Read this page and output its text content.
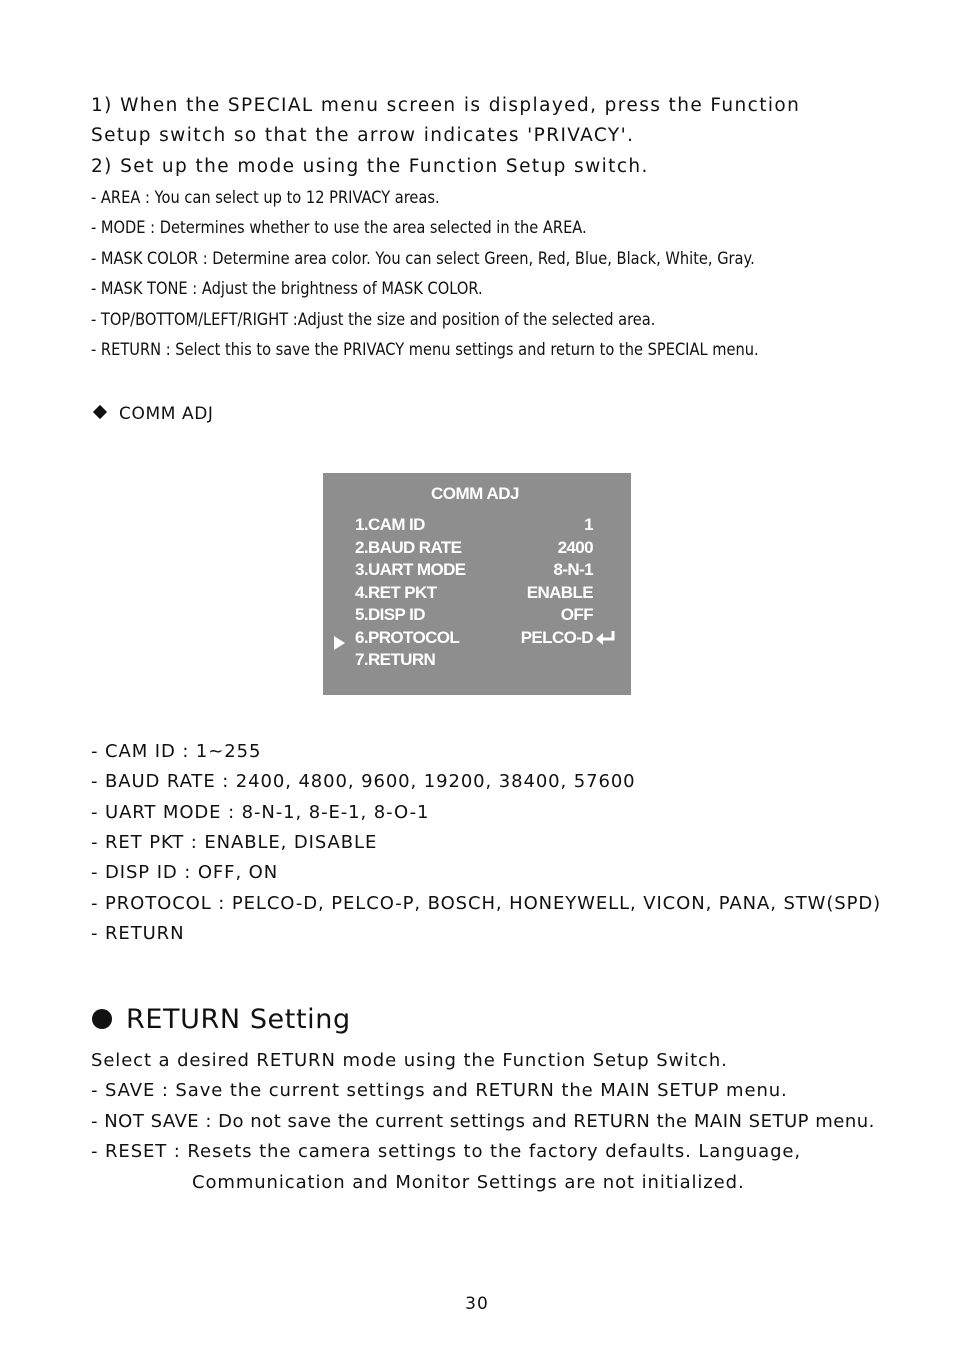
1) When the SPECIAL menu screen is displayed, press the Function
Setup switch so that the arrow indicates 'PRIVACY'.
2) Set up the mode using the Function Setup switch.
- AREA : You can select up to 12 PRIVACY areas.
- MODE : Determines whether to use the area selected in the AREA.
- MASK COLOR : Determine area color. You can select Green, Red, Blue, Black, White, Gray.
- MASK TONE : Adjust the brightness of MASK COLOR.
- TOP/BOTTOM/LEFT/RIGHT :Adjust the size and position of the selected area.
- RETURN : Select this to save the PRIVACY menu settings and return to the SPECIAL menu.
COMM ADJ
COMM ADJ
1.CAM ID	1
2.BAUD RATE	2400
3.UART MODE	8-N-1
4.RET PKT	ENABLE
5.DISP ID	OFF
6.PROTOCOL	PELCO-D
7.RETURN
- CAM ID : 1~255
- BAUD RATE : 2400, 4800, 9600, 19200, 38400, 57600
- UART MODE : 8-N-1, 8-E-1, 8-O-1
- RET PKT : ENABLE, DISABLE
- DISP ID : OFF, ON
- PROTOCOL : PELCO-D, PELCO-P, BOSCH, HONEYWELL, VICON, PANA, STW(SPD)
- RETURN
RETURN Setting
Select a desired RETURN mode using the Function Setup Switch.
- SAVE : Save the current settings and RETURN the MAIN SETUP menu.
- NOT SAVE : Do not save the current settings and RETURN the MAIN SETUP menu.
- RESET : Resets the camera settings to the factory defaults. Language,
Communication and Monitor Settings are not initialized.
30
